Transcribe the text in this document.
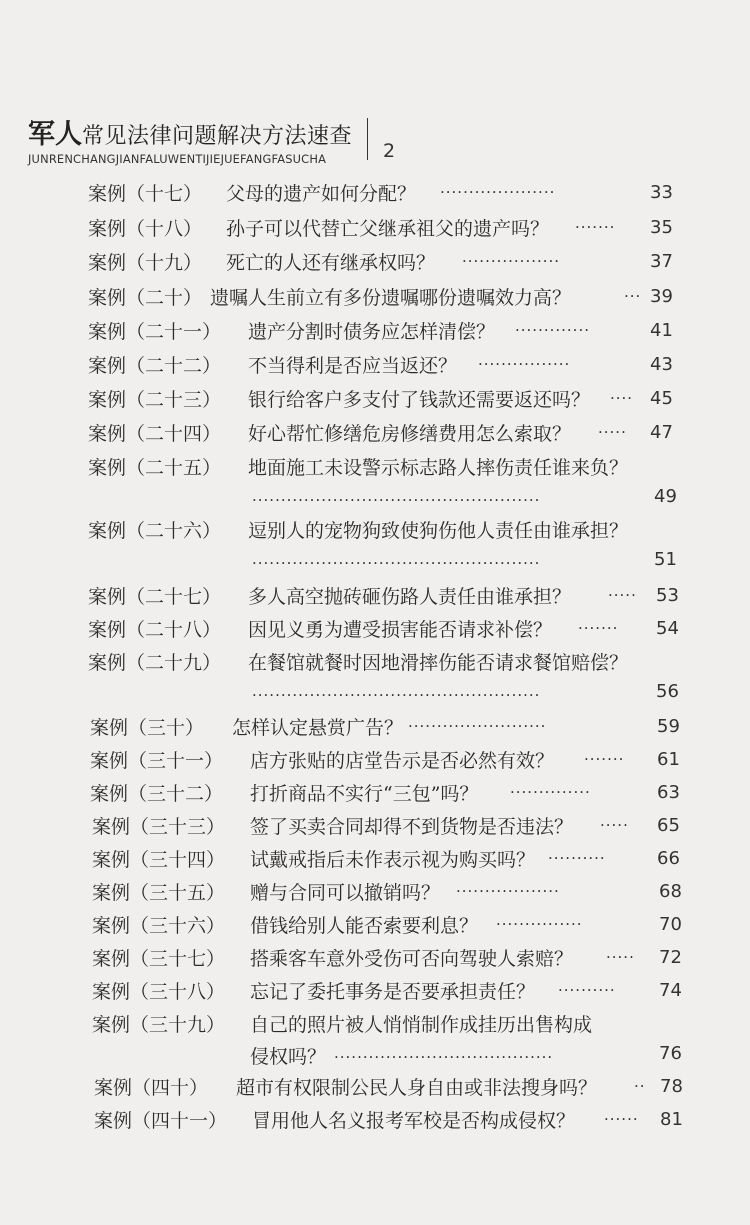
军人常见法律问题解决方法速查
JUNRENCHANGJIANFALUWENTIJIEJUEFANGFASUCHA	2
案例（十七） 父母的遗产如何分配？ ····················	33
案例（十八） 孙子可以代替亡父继承祖父的遗产吗？ ······· 35
案例（十九） 死亡的人还有继承权吗？ ·················	37
案例（二十） 遗嘱人生前立有多份遗嘱哪份遗嘱效力高？	··· 39
案例（二十一） 遗产分割时债务应怎样清偿？ ·············	41
案例（二十二） 不当得利是否应当返还？ ················	43
案例（二十三） 银行给客户多支付了钱款还需要返还吗？ ···· 45
案例（二十四） 好心帮忙修缮危房修缮费用怎么索取？ ····· 47
案例（二十五） 地面施工未设警示标志路人摔伤责任谁来负？
··················································	49
案例（二十六） 逗别人的宠物狗致使狗伤他人责任由谁承担？
··················································	51
案例（二十七） 多人高空抛砖砸伤路人责任由谁承担？ ····· 53
案例（二十八） 因见义勇为遭受损害能否请求补偿？ ······· 54
案例（二十九） 在餐馆就餐时因地滑摔伤能否请求餐馆赔偿？
··················································	56
案例（三十） 怎样认定悬赏广告？ ························	59
案例（三十一） 店方张贴的店堂告示是否必然有效？ ······· 61
案例（三十二） 打折商品不实行“三包”吗？ ··············	63
案例（三十三） 签了买卖合同却得不到货物是否违法？ ····· 65
案例（三十四） 试戴戒指后未作表示视为购买吗？ ··········	66
案例（三十五） 赠与合同可以撤销吗？ ··················	68
案例（三十六） 借钱给别人能否索要利息？ ···············	70
案例（三十七） 搭乘客车意外受伤可否向驾驶人索赔？ ····· 72
案例（三十八） 忘记了委托事务是否要承担责任？ ·········· 74
案例（三十九） 自己的照片被人悄悄制作成挂历出售构成
侵权吗？ ······································	76
案例（四十） 超市有权限制公民人身自由或非法搜身吗？ ·· 78
案例（四十一） 冒用他人名义报考军校是否构成侵权？ ······ 81
